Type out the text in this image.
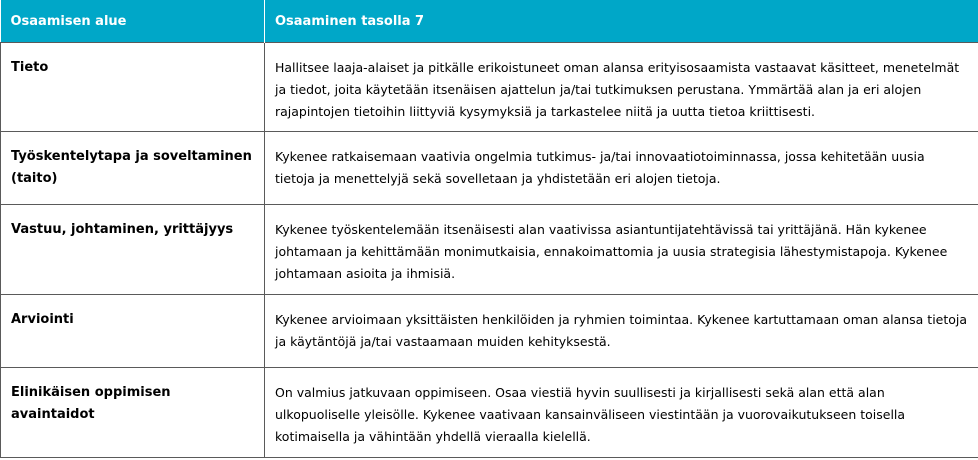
Osaamisen alue	Osaaminen tasolla 7
Tieto	Hallitsee laaja-alaiset ja pitkälle erikoistuneet oman alansa erityisosaamista vastaavat käsitteet, menetelmät ja tiedot, joita käytetään itsenäisen ajattelun ja/tai tutkimuksen perustana. Ymmärtää alan ja eri alojen rajapintojen tietoihin liittyviä kysymyksiä ja tarkastelee niitä ja uutta tietoa kriittisesti.
Työskentelytapa ja soveltaminen (taito)	Kykenee ratkaisemaan vaativia ongelmia tutkimus- ja/tai innovaatiotoiminnassa, jossa kehitetään uusia tietoja ja menettelyjä sekä sovelletaan ja yhdistetään eri alojen tietoja.
Vastuu, johtaminen, yrittäjyys	Kykenee työskentelemään itsenäisesti alan vaativissa asiantuntijatehtävissä tai yrittäjänä. Hän kykenee johtamaan ja kehittämään monimutkaisia, ennakoimattomia ja uusia strategisia lähestymistapoja. Kykenee johtamaan asioita ja ihmisiä.
Arviointi	Kykenee arvioimaan yksittäisten henkilöiden ja ryhmien toimintaa. Kykenee kartuttamaan oman alansa tietoja ja käytäntöjä ja/tai vastaamaan muiden kehityksestä.
Elinikäisen oppimisen avaintaidot	On valmius jatkuvaan oppimiseen. Osaa viestiä hyvin suullisesti ja kirjallisesti sekä alan että alan ulkopuoliselle yleisölle. Kykenee vaativaan kansainväliseen viestintään ja vuorovaikutukseen toisella kotimaisella ja vähintään yhdellä vieraalla kielellä.
